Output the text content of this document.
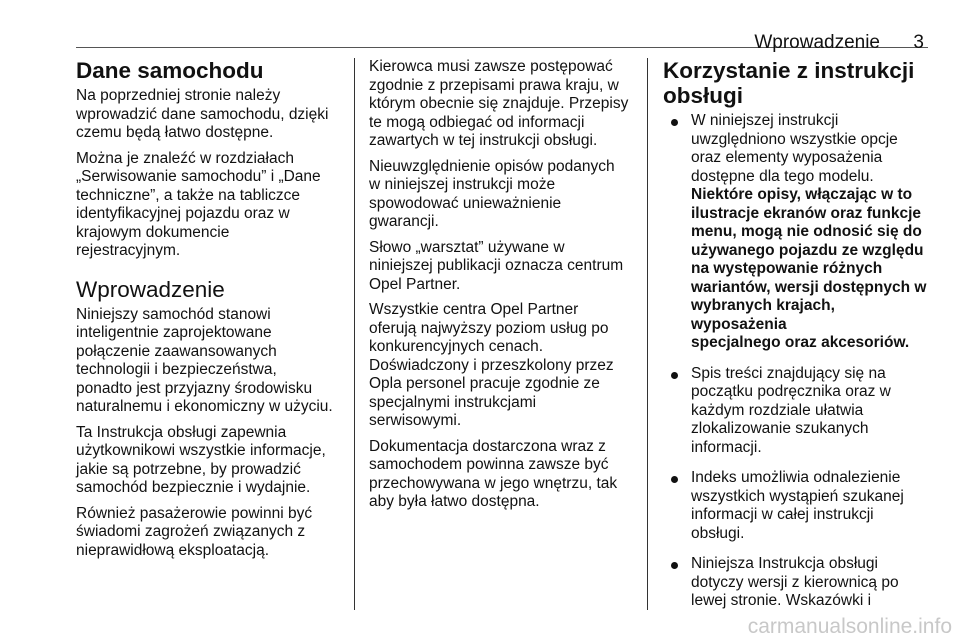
Wprowadzenie 3
Dane samochodu
Na poprzedniej stronie należy
wprowadzić dane samochodu, dzięki
czemu będą łatwo dostępne.
Można je znaleźć w rozdziałach
„Serwisowanie samochodu” i „Dane
techniczne”, a także na tabliczce
identyfikacyjnej pojazdu oraz w
krajowym dokumencie
rejestracyjnym.
Wprowadzenie
Niniejszy samochód stanowi
inteligentnie zaprojektowane
połączenie zaawansowanych
technologii i bezpieczeństwa,
ponadto jest przyjazny środowisku
naturalnemu i ekonomiczny w użyciu.
Ta Instrukcja obsługi zapewnia
użytkownikowi wszystkie informacje,
jakie są potrzebne, by prowadzić
samochód bezpiecznie i wydajnie.
Również pasażerowie powinni być
świadomi zagrożeń związanych z
nieprawidłową eksploatacją.
Kierowca musi zawsze postępować
zgodnie z przepisami prawa kraju, w
którym obecnie się znajduje. Przepisy
te mogą odbiegać od informacji
zawartych w tej instrukcji obsługi.
Nieuwzględnienie opisów podanych
w niniejszej instrukcji może
spowodować unieważnienie
gwarancji.
Słowo „warsztat” używane w
niniejszej publikacji oznacza centrum
Opel Partner.
Wszystkie centra Opel Partner
oferują najwyższy poziom usług po
konkurencyjnych cenach.
Doświadczony i przeszkolony przez
Opla personel pracuje zgodnie ze
specjalnymi instrukcjami
serwisowymi.
Dokumentacja dostarczona wraz z
samochodem powinna zawsze być
przechowywana w jego wnętrzu, tak
aby była łatwo dostępna.
Korzystanie z instrukcji
obsługi
W niniejszej instrukcji
uwzględniono wszystkie opcje
oraz elementy wyposażenia
dostępne dla tego modelu.
Niektóre opisy, włączając w to
ilustracje ekranów oraz funkcje
menu, mogą nie odnosić się do
używanego pojazdu ze względu
na występowanie różnych
wariantów, wersji dostępnych w
wybranych krajach, wyposażenia
specjalnego oraz akcesoriów.
Spis treści znajdujący się na
początku podręcznika oraz w
każdym rozdziale ułatwia
zlokalizowanie szukanych
informacji.
Indeks umożliwia odnalezienie
wszystkich wystąpień szukanej
informacji w całej instrukcji
obsługi.
Niniejsza Instrukcja obsługi
dotyczy wersji z kierownicą po
lewej stronie. Wskazówki i
carmanualsonline.info
